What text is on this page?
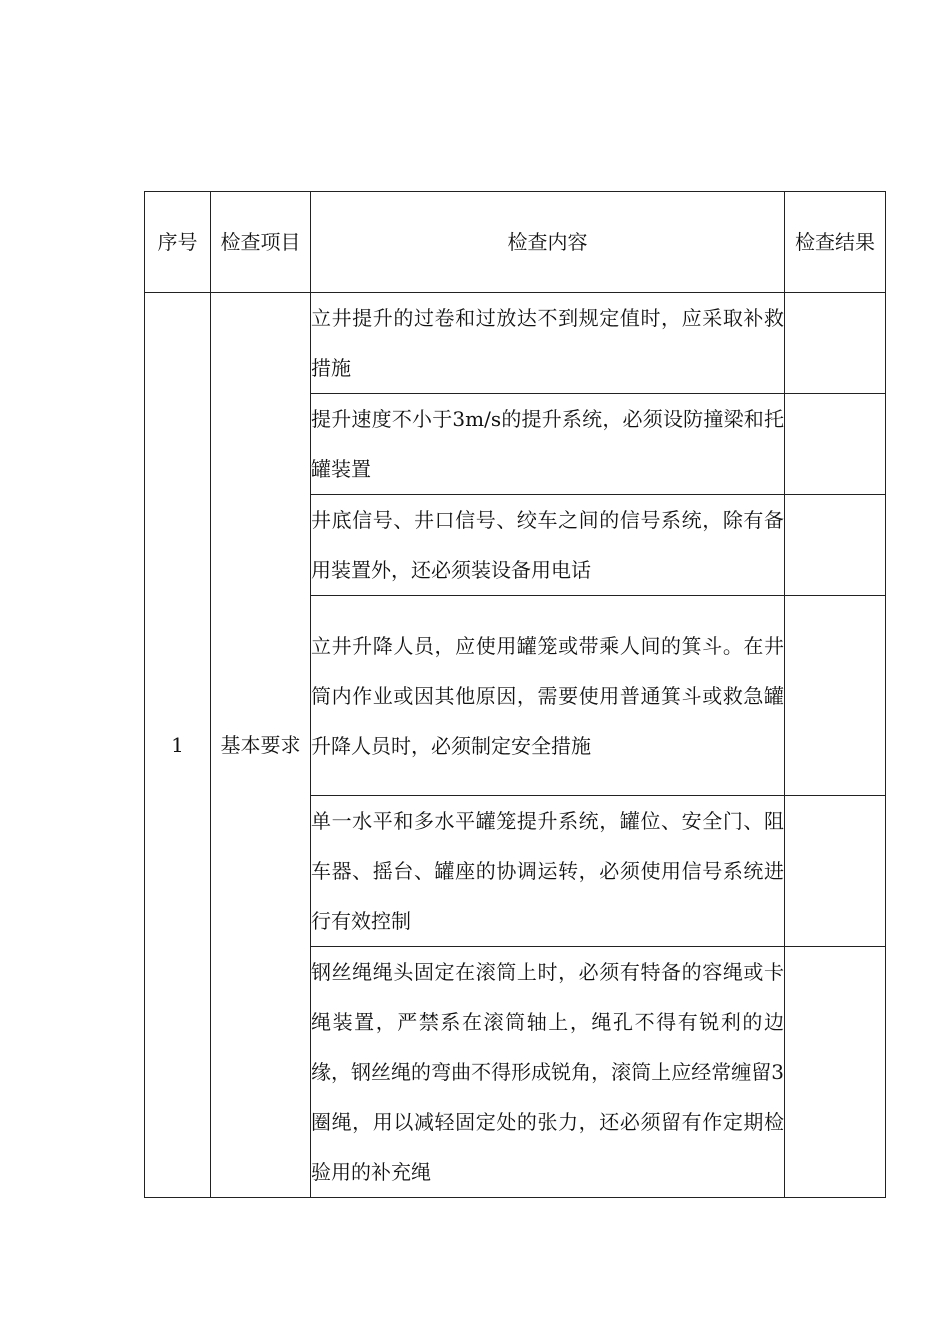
序号	检查项目	检查内容	检查结果

1	基本要求	立井提升的过卷和过放达不到规定值时，应采取补救措施	

		提升速度不小于3m/s的提升系统，必须设防撞梁和托罐装置	

		井底信号、井口信号、绞车之间的信号系统，除有备用装置外，还必须装设备用电话	

		立井升降人员，应使用罐笼或带乘人间的箕斗。在井筒内作业或因其他原因，需要使用普通箕斗或救急罐升降人员时，必须制定安全措施	

		单一水平和多水平罐笼提升系统，罐位、安全门、阻车器、摇台、罐座的协调运转，必须使用信号系统进行有效控制	

		钢丝绳绳头固定在滚筒上时，必须有特备的容绳或卡绳装置，严禁系在滚筒轴上，绳孔不得有锐利的边缘，钢丝绳的弯曲不得形成锐角，滚筒上应经常缠留3圈绳，用以减轻固定处的张力，还必须留有作定期检验用的补充绳	
